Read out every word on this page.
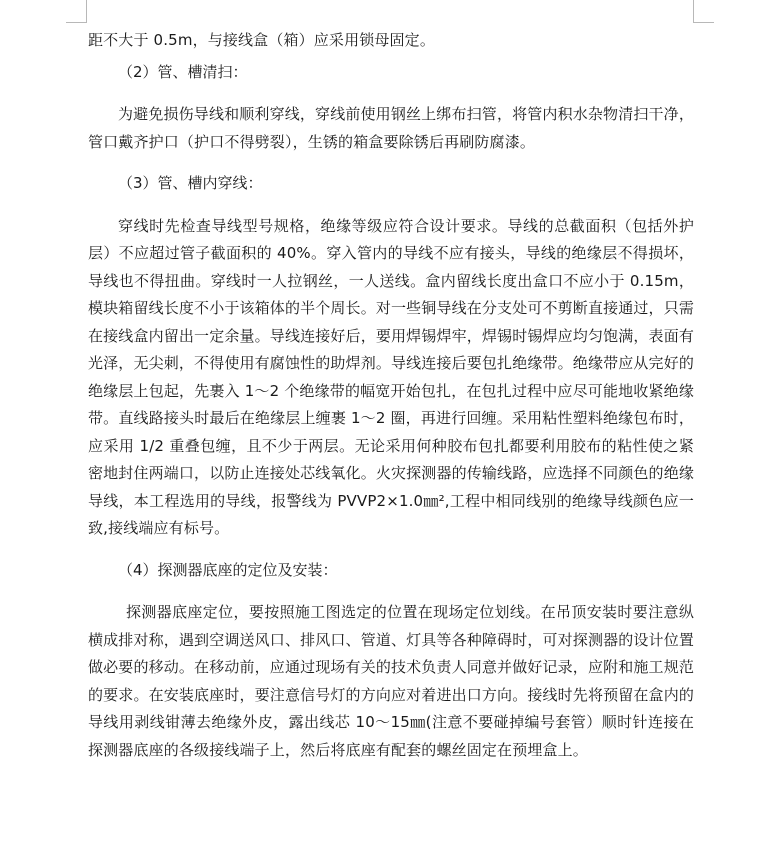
距不大于 0.5m，与接线盒（箱）应采用锁母固定。

（2）管、槽清扫：

为避免损伤导线和顺利穿线，穿线前使用钢丝上绑布扫管，将管内积水杂物清扫干净，管口戴齐护口（护口不得劈裂），生锈的箱盒要除锈后再刷防腐漆。

（3）管、槽内穿线：

穿线时先检查导线型号规格，绝缘等级应符合设计要求。导线的总截面积（包括外护层）不应超过管子截面积的 40%。穿入管内的导线不应有接头，导线的绝缘层不得损坏，导线也不得扭曲。穿线时一人拉钢丝，一人送线。盒内留线长度出盒口不应小于 0.15m，模块箱留线长度不小于该箱体的半个周长。对一些铜导线在分支处可不剪断直接通过，只需在接线盒内留出一定余量。导线连接好后，要用焊锡焊牢，焊锡时锡焊应均匀饱满，表面有光泽，无尖刺，不得使用有腐蚀性的助焊剂。导线连接后要包扎绝缘带。绝缘带应从完好的绝缘层上包起，先裹入 1～2 个绝缘带的幅宽开始包扎，在包扎过程中应尽可能地收紧绝缘带。直线路接头时最后在绝缘层上缠裹 1～2 圈，再进行回缠。采用粘性塑料绝缘包布时，应采用 1/2 重叠包缠，且不少于两层。无论采用何种胶布包扎都要利用胶布的粘性使之紧密地封住两端口，以防止连接处芯线氧化。火灾探测器的传输线路，应选择不同颜色的绝缘导线，本工程选用的导线，报警线为 PVVP2×1.0㎜²,工程中相同线别的绝缘导线颜色应一致,接线端应有标号。

（4）探测器底座的定位及安装：

探测器底座定位，要按照施工图选定的位置在现场定位划线。在吊顶安装时要注意纵横成排对称，遇到空调送风口、排风口、管道、灯具等各种障碍时，可对探测器的设计位置做必要的移动。在移动前，应通过现场有关的技术负责人同意并做好记录，应附和施工规范的要求。在安装底座时，要注意信号灯的方向应对着进出口方向。接线时先将预留在盒内的导线用剥线钳薄去绝缘外皮，露出线芯 10～15㎜(注意不要碰掉编号套管）顺时针连接在探测器底座的各级接线端子上，然后将底座有配套的螺丝固定在预埋盒上。
